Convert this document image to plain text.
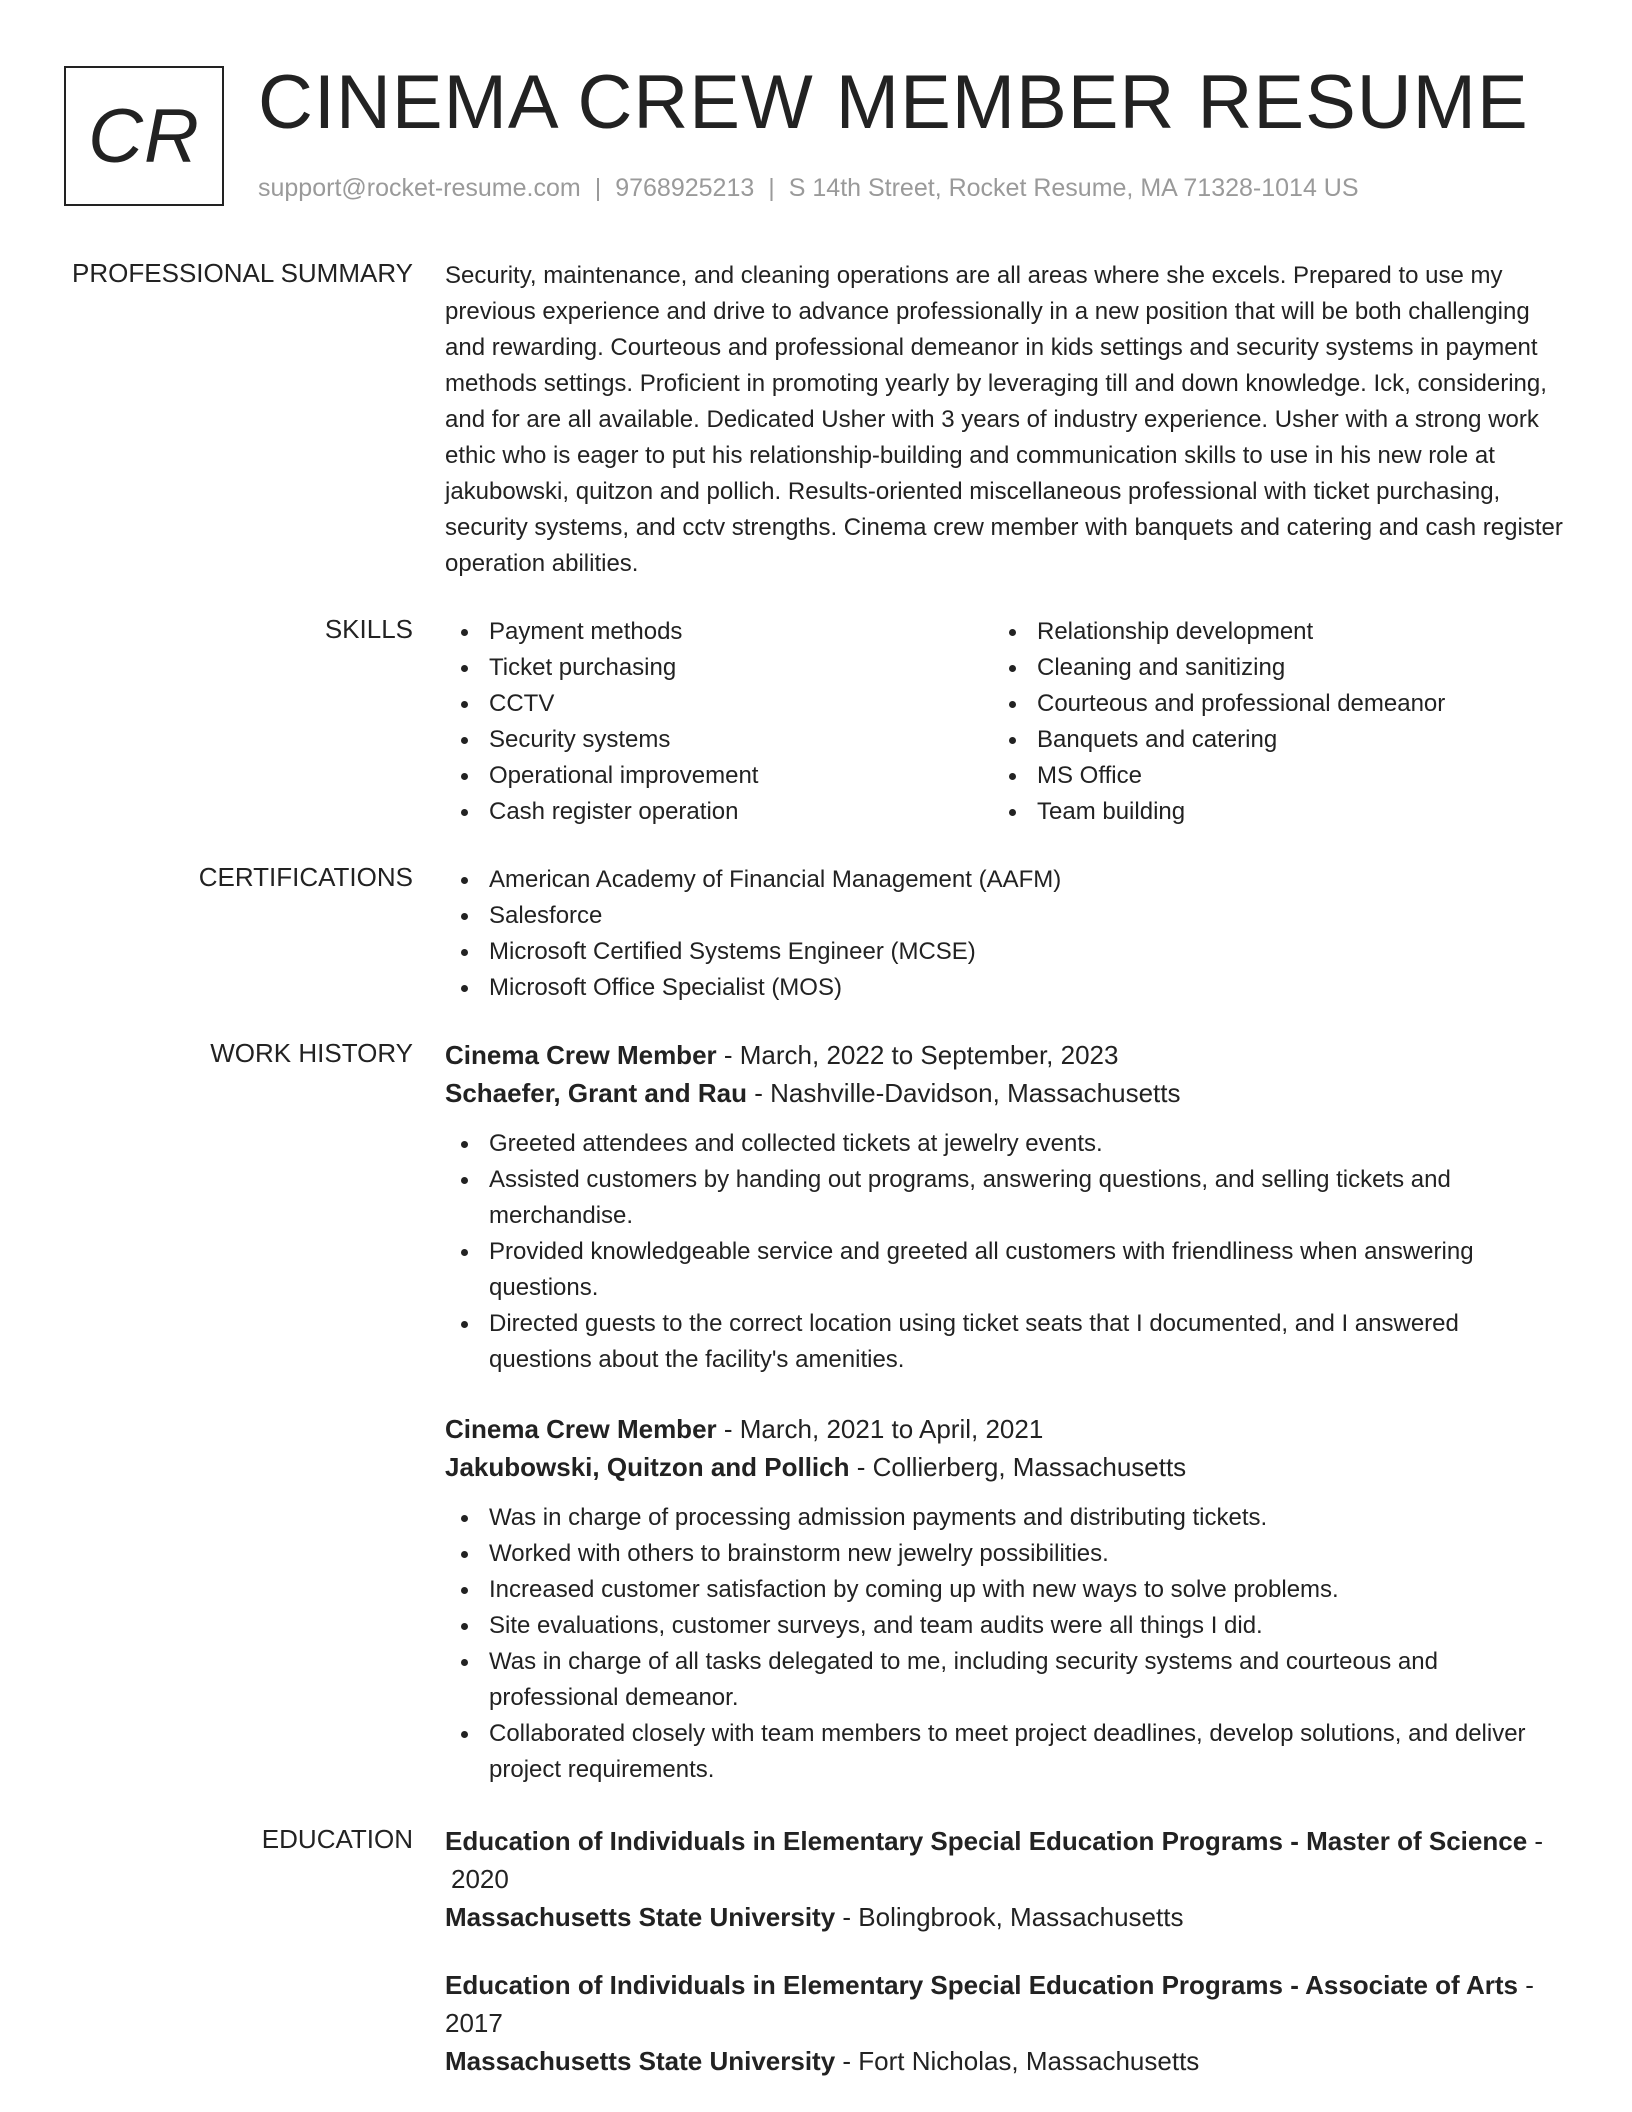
CR CINEMA CREW MEMBER RESUME
support@rocket-resume.com | 9768925213 | S 14th Street, Rocket Resume, MA 71328-1014 US
PROFESSIONAL SUMMARY Security, maintenance, and cleaning operations are all areas where she excels. Prepared to use my previous experience and drive to advance professionally in a new position that will be both challenging and rewarding. Courteous and professional demeanor in kids settings and security systems in payment methods settings. Proficient in promoting yearly by leveraging till and down knowledge. Ick, considering, and for are all available. Dedicated Usher with 3 years of industry experience. Usher with a strong work ethic who is eager to put his relationship-building and communication skills to use in his new role at jakubowski, quitzon and pollich. Results-oriented miscellaneous professional with ticket purchasing, security systems, and cctv strengths. Cinema crew member with banquets and catering and cash register operation abilities.

SKILLS	Payment methods
Ticket purchasing
CCTV
Security systems
Operational improvement
Cash register operation
Relationship development
Cleaning and sanitizing
Courteous and professional demeanor
Banquets and catering
MS Office
Team building
CERTIFICATIONS	American Academy of Financial Management (AAFM)
Salesforce
Microsoft Certified Systems Engineer (MCSE)
Microsoft Office Specialist (MOS)
WORK HISTORY Cinema Crew Member - March, 2022 to September, 2023
Schaefer, Grant and Rau - Nashville-Davidson, Massachusetts
Greeted attendees and collected tickets at jewelry events.
Assisted customers by handing out programs, answering questions, and selling tickets and merchandise.
Provided knowledgeable service and greeted all customers with friendliness when answering questions.
Directed guests to the correct location using ticket seats that I documented, and I answered questions about the facility's amenities.
Cinema Crew Member - March, 2021 to April, 2021
Jakubowski, Quitzon and Pollich - Collierberg, Massachusetts
Was in charge of processing admission payments and distributing tickets.
Worked with others to brainstorm new jewelry possibilities.
Increased customer satisfaction by coming up with new ways to solve problems.
Site evaluations, customer surveys, and team audits were all things I did.
Was in charge of all tasks delegated to me, including security systems and courteous and professional demeanor.
Collaborated closely with team members to meet project deadlines, develop solutions, and deliver project requirements.
EDUCATION Education of Individuals in Elementary Special Education Programs - Master of Science -
2020
Massachusetts State University - Bolingbrook, Massachusetts
Education of Individuals in Elementary Special Education Programs - Associate of Arts - 2017
Massachusetts State University - Fort Nicholas, Massachusetts
